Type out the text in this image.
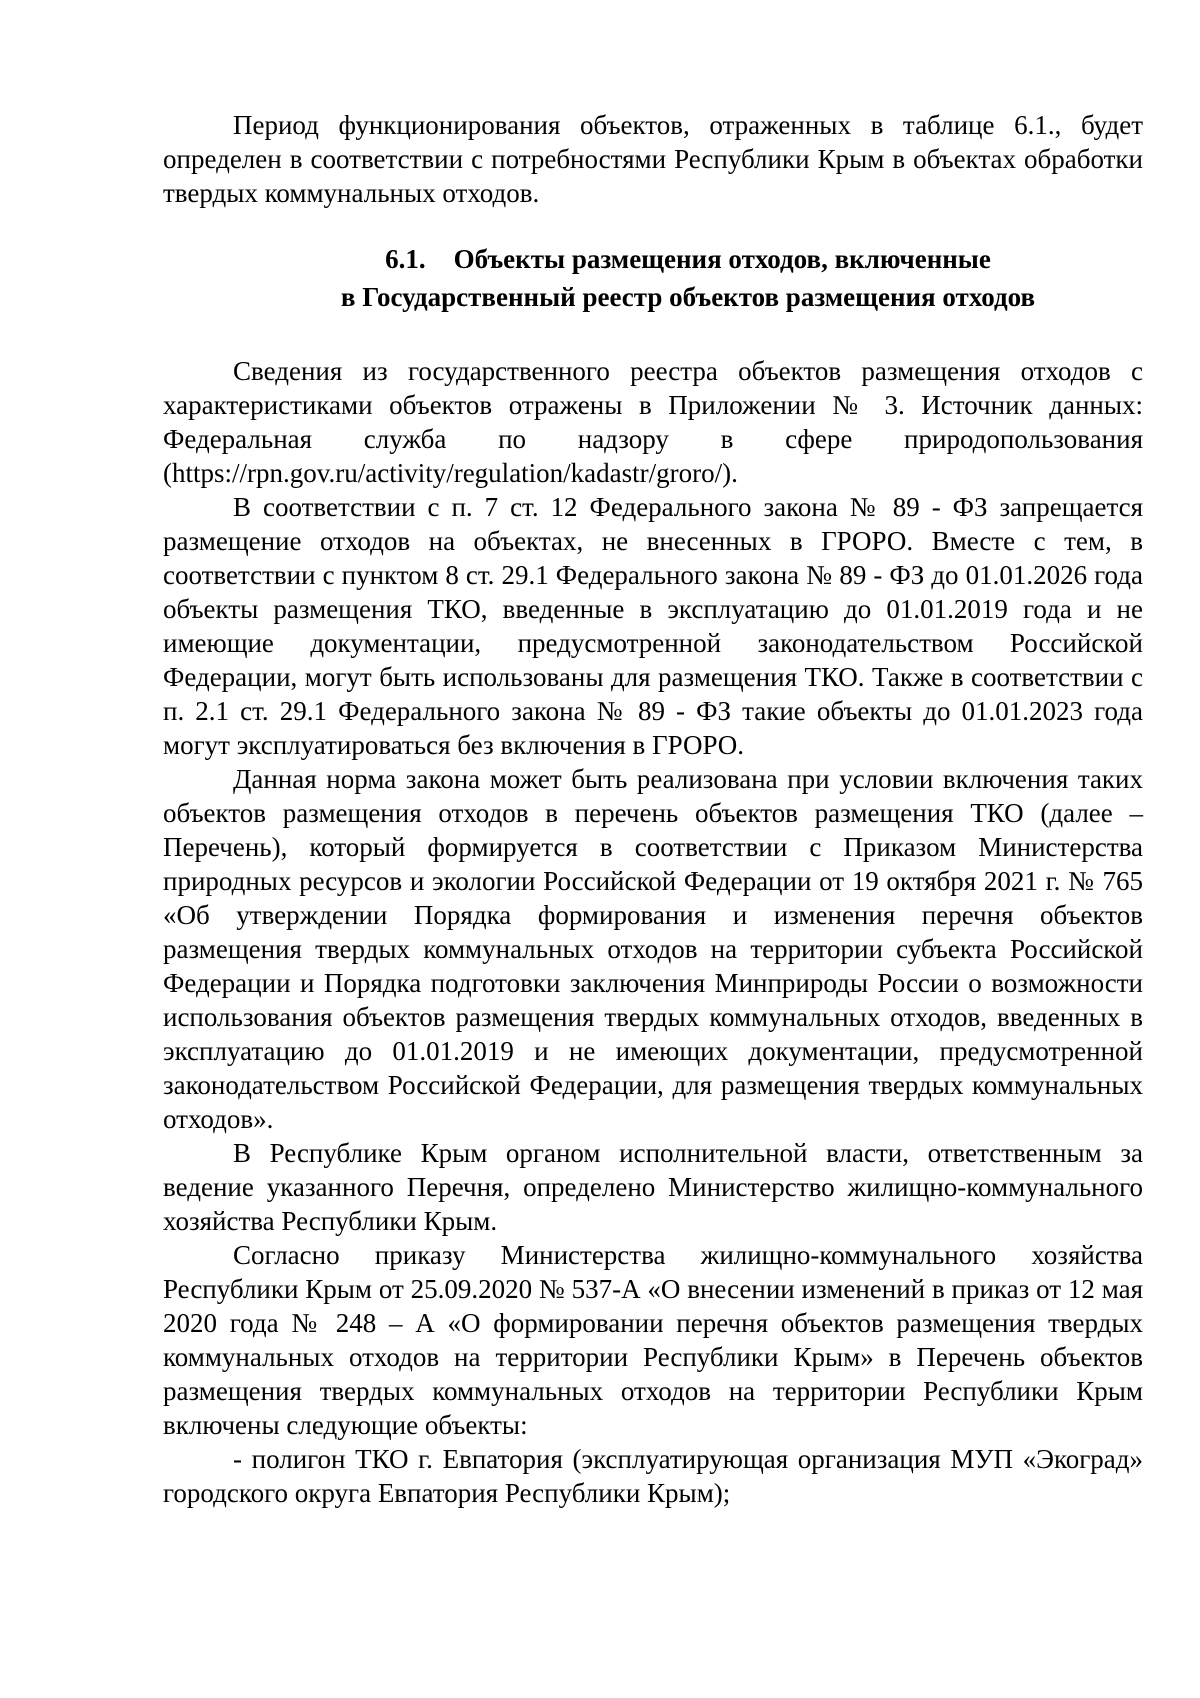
Период функционирования объектов, отраженных в таблице 6.1., будет определен в соответствии с потребностями Республики Крым в объектах обработки твердых коммунальных отходов.

6.1. Объекты размещения отходов, включенные
в Государственный реестр объектов размещения отходов

Сведения из государственного реестра объектов размещения отходов с характеристиками объектов отражены в Приложении № 3. Источник данных: Федеральная служба по надзору в сфере природопользования (https://rpn.gov.ru/activity/regulation/kadastr/groro/).

В соответствии с п. 7 ст. 12 Федерального закона № 89 - ФЗ запрещается размещение отходов на объектах, не внесенных в ГРОРО. Вместе с тем, в соответствии с пунктом 8 ст. 29.1 Федерального закона № 89 - ФЗ до 01.01.2026 года объекты размещения ТКО, введенные в эксплуатацию до 01.01.2019 года и не имеющие документации, предусмотренной законодательством Российской Федерации, могут быть использованы для размещения ТКО. Также в соответствии с п. 2.1 ст. 29.1 Федерального закона № 89 - ФЗ такие объекты до 01.01.2023 года могут эксплуатироваться без включения в ГРОРО.

Данная норма закона может быть реализована при условии включения таких объектов размещения отходов в перечень объектов размещения ТКО (далее – Перечень), который формируется в соответствии с Приказом Министерства природных ресурсов и экологии Российской Федерации от 19 октября 2021 г. № 765 «Об утверждении Порядка формирования и изменения перечня объектов размещения твердых коммунальных отходов на территории субъекта Российской Федерации и Порядка подготовки заключения Минприроды России о возможности использования объектов размещения твердых коммунальных отходов, введенных в эксплуатацию до 01.01.2019 и не имеющих документации, предусмотренной законодательством Российской Федерации, для размещения твердых коммунальных отходов».

В Республике Крым органом исполнительной власти, ответственным за ведение указанного Перечня, определено Министерство жилищно-коммунального хозяйства Республики Крым.

Согласно приказу Министерства жилищно-коммунального хозяйства Республики Крым от 25.09.2020 № 537-А «О внесении изменений в приказ от 12 мая 2020 года № 248 – А «О формировании перечня объектов размещения твердых коммунальных отходов на территории Республики Крым» в Перечень объектов размещения твердых коммунальных отходов на территории Республики Крым включены следующие объекты:

- полигон ТКО г. Евпатория (эксплуатирующая организация МУП «Экоград» городского округа Евпатория Республики Крым);
